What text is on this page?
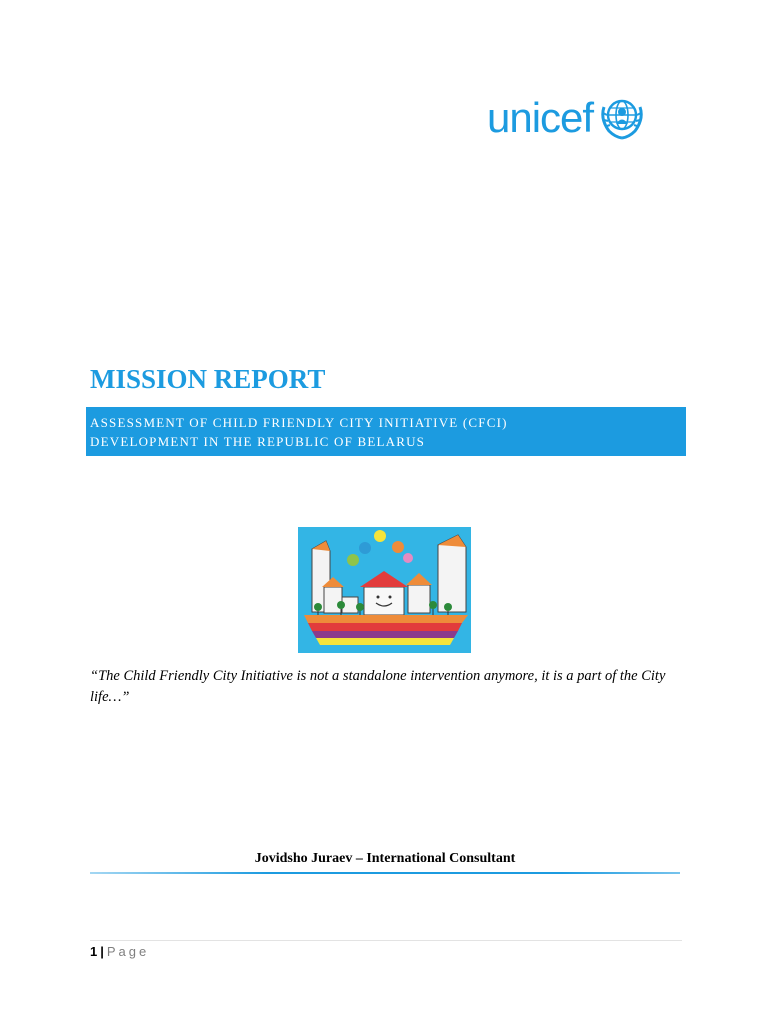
unicef
MISSION REPORT
ASSESSMENT OF CHILD FRIENDLY CITY INITIATIVE (CFCI)
DEVELOPMENT IN THE REPUBLIC OF BELARUS
“The Child Friendly City Initiative is not a standalone intervention anymore, it is a part of the City life…”
Jovidsho Juraev – International Consultant
1 | Page
